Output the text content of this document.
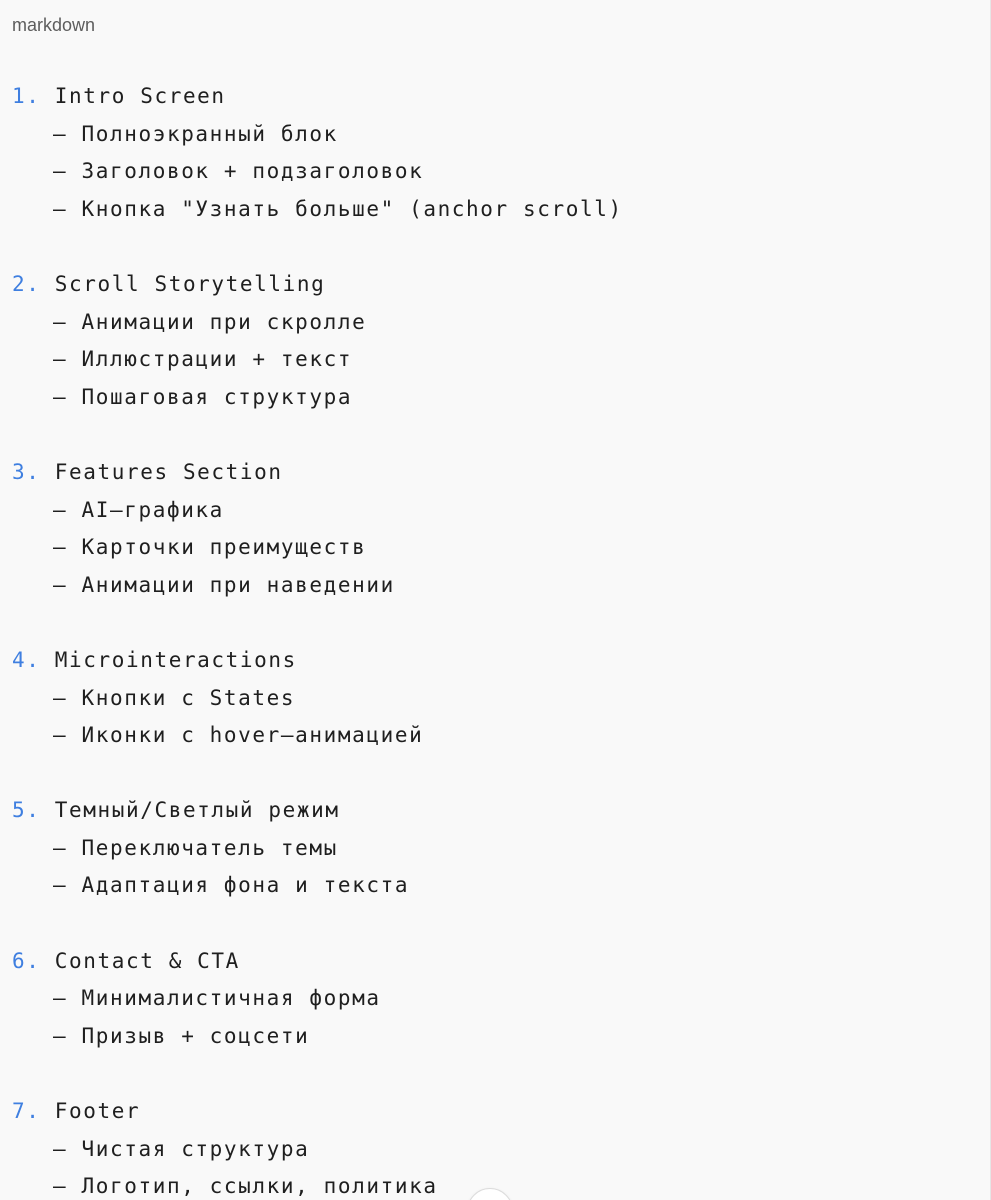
markdown
1. Intro Screen
— Полноэкранный блок
— Заголовок + подзаголовок
— Кнопка "Узнать больше" (anchor scroll)
2. Scroll Storytelling
— Анимации при скролле
— Иллюстрации + текст
— Пошаговая структура
3. Features Section
— AI—графика
— Карточки преимуществ
— Анимации при наведении
4. Microinteractions
— Кнопки с States
— Иконки с hover—анимацией
5. Темный/Светлый режим
— Переключатель темы
— Адаптация фона и текста
6. Contact & CTA
— Минималистичная форма
— Призыв + соцсети
7. Footer
— Чистая структура
— Логотип, ссылки, политика
